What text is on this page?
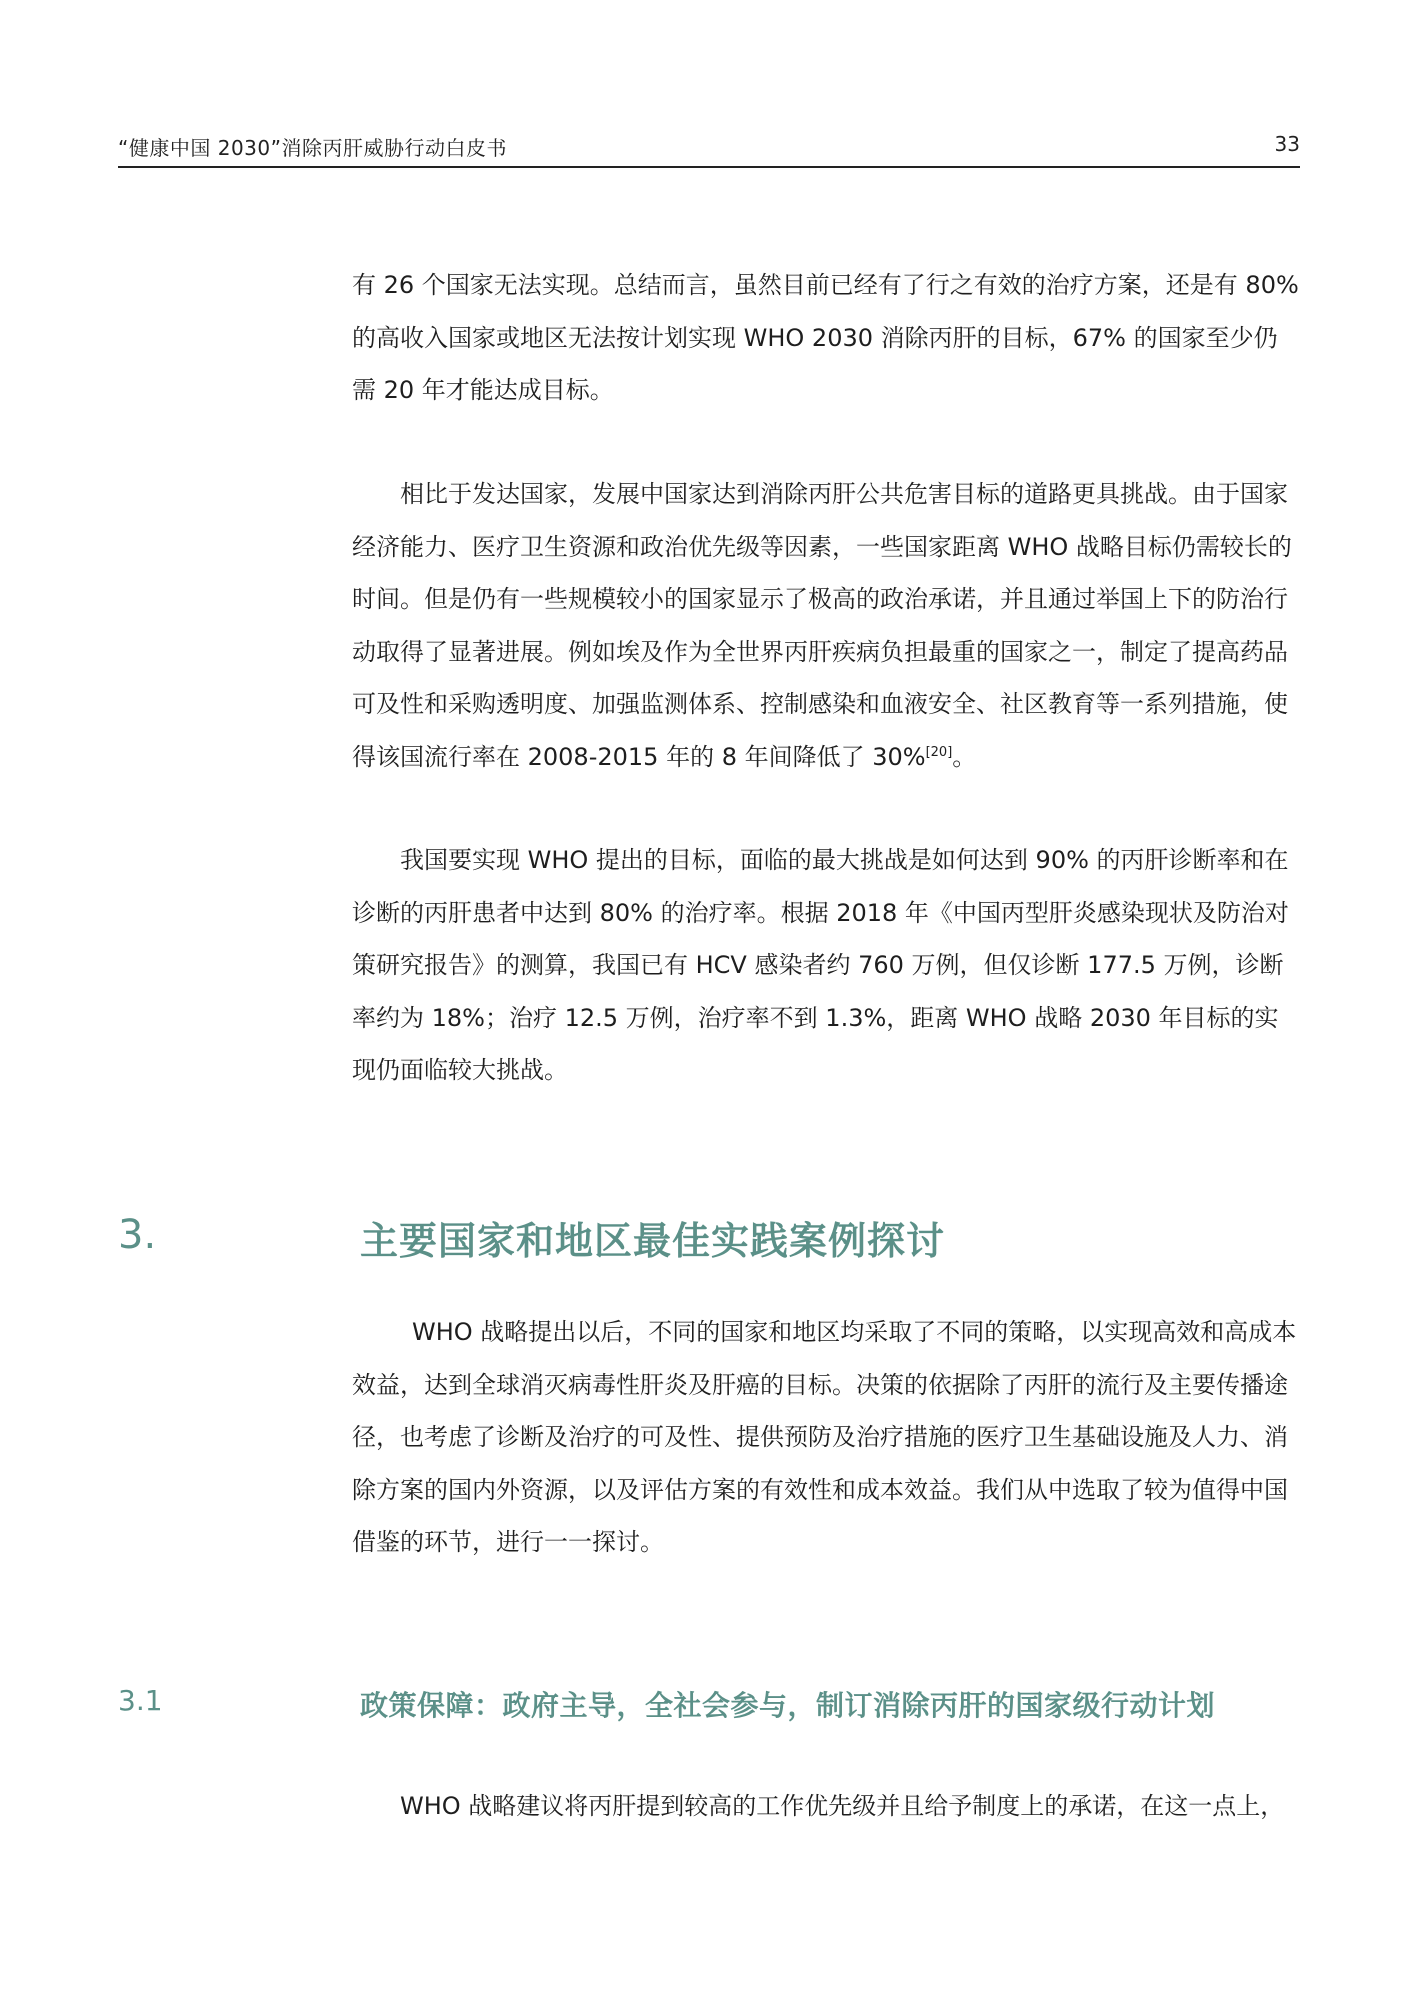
“健康中国 2030”消除丙肝威胁行动白皮书	33

有 26 个国家无法实现。总结而言，虽然目前已经有了行之有效的治疗方案，还是有 80% 的高收入国家或地区无法按计划实现 WHO 2030 消除丙肝的目标，67% 的国家至少仍需 20 年才能达成目标。

相比于发达国家，发展中国家达到消除丙肝公共危害目标的道路更具挑战。由于国家经济能力、医疗卫生资源和政治优先级等因素，一些国家距离 WHO 战略目标仍需较长的时间。但是仍有一些规模较小的国家显示了极高的政治承诺，并且通过举国上下的防治行动取得了显著进展。例如埃及作为全世界丙肝疾病负担最重的国家之一，制定了提高药品可及性和采购透明度、加强监测体系、控制感染和血液安全、社区教育等一系列措施，使得该国流行率在 2008-2015 年的 8 年间降低了 30%[20]。

我国要实现 WHO 提出的目标，面临的最大挑战是如何达到 90% 的丙肝诊断率和在诊断的丙肝患者中达到 80% 的治疗率。根据 2018 年《中国丙型肝炎感染现状及防治对策研究报告》的测算，我国已有 HCV 感染者约 760 万例，但仅诊断 177.5 万例，诊断率约为 18%；治疗 12.5 万例，治疗率不到 1.3%，距离 WHO 战略 2030 年目标的实现仍面临较大挑战。

3.	主要国家和地区最佳实践案例探讨

WHO 战略提出以后，不同的国家和地区均采取了不同的策略，以实现高效和高成本效益，达到全球消灭病毒性肝炎及肝癌的目标。决策的依据除了丙肝的流行及主要传播途径，也考虑了诊断及治疗的可及性、提供预防及治疗措施的医疗卫生基础设施及人力、消除方案的国内外资源，以及评估方案的有效性和成本效益。我们从中选取了较为值得中国借鉴的环节，进行一一探讨。

3.1	政策保障：政府主导，全社会参与，制订消除丙肝的国家级行动计划

WHO 战略建议将丙肝提到较高的工作优先级并且给予制度上的承诺，在这一点上，
